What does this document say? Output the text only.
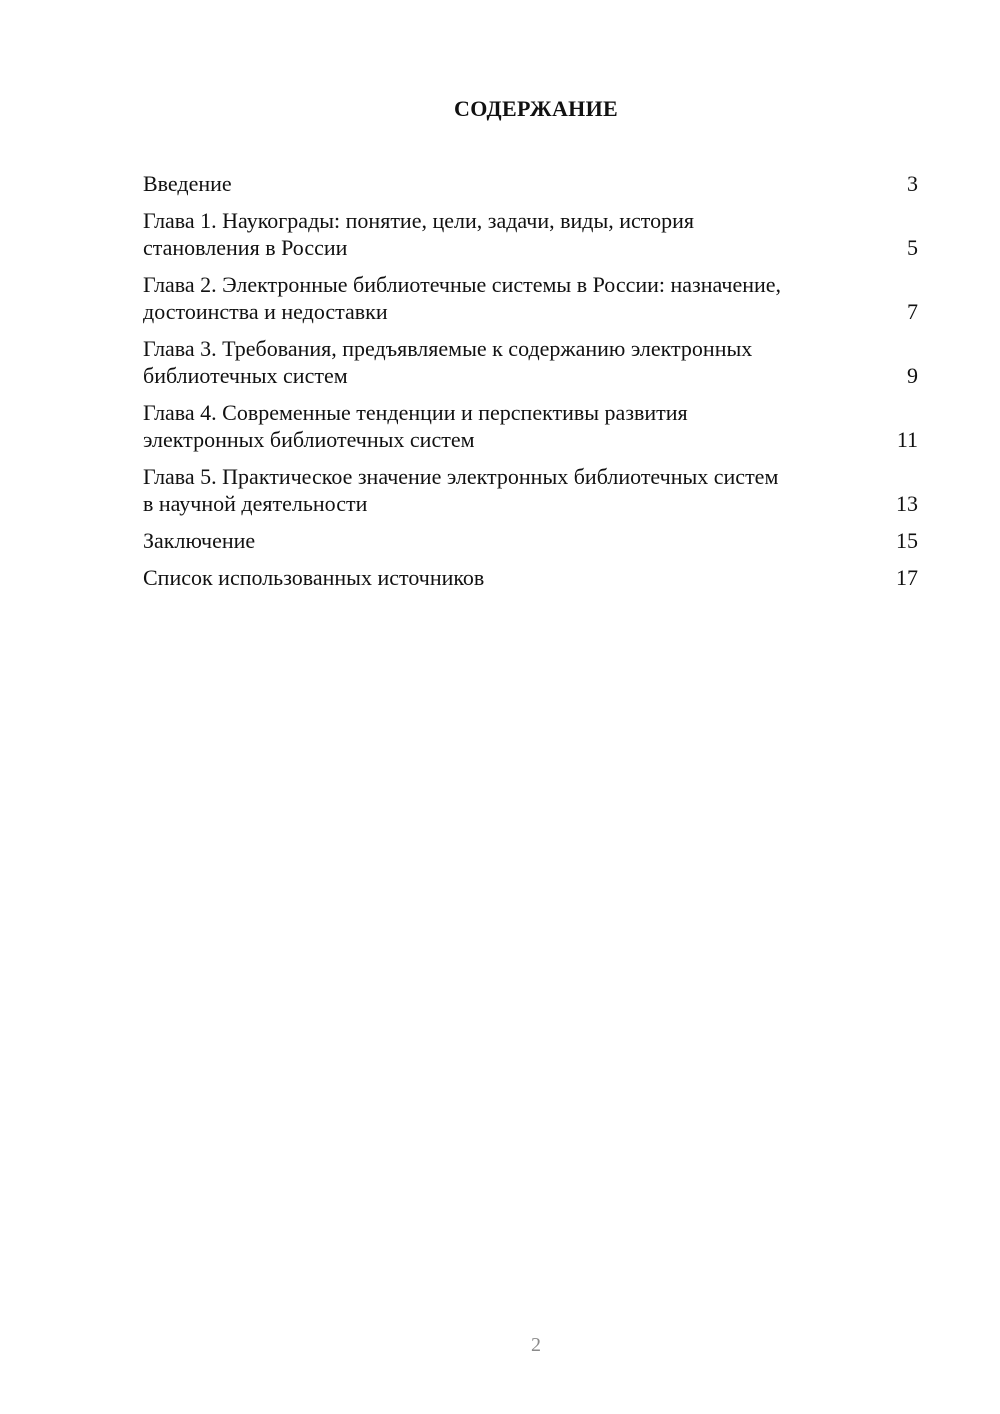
СОДЕРЖАНИЕ
Введение	3
Глава 1. Наукограды: понятие, цели, задачи, виды, история становления в России	5
Глава 2. Электронные библиотечные системы в России: назначение, достоинства и недоставки	7
Глава 3. Требования, предъявляемые к содержанию электронных библиотечных систем	9
Глава 4. Современные тенденции и перспективы развития электронных библиотечных систем	11
Глава 5. Практическое значение электронных библиотечных систем в научной деятельности	13
Заключение	15
Список использованных источников	17
2
